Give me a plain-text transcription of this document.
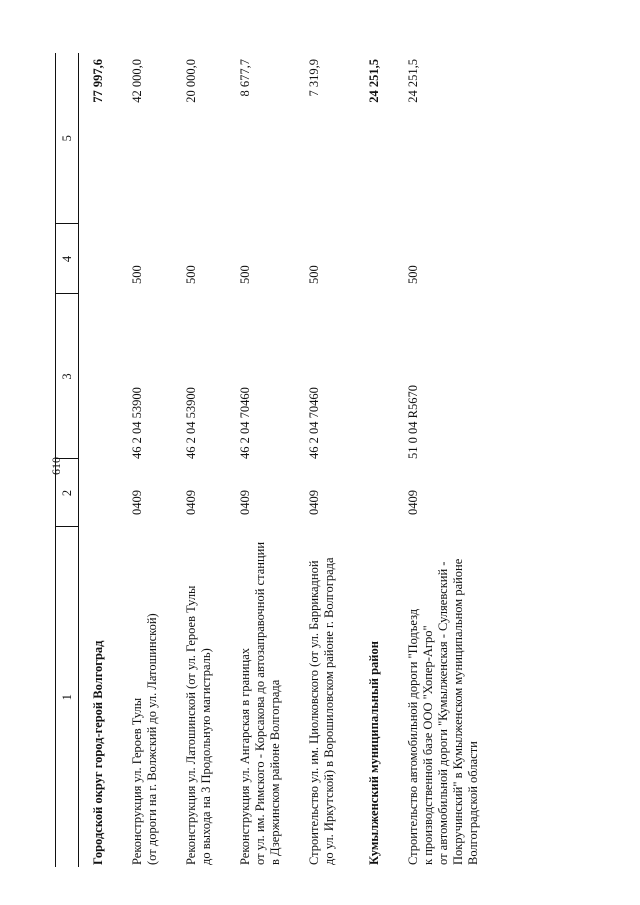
610
1	2	3	4	5

Городской округ город-герой Волгоград				77 997,6

Реконструкция ул. Героев Тулы (от дороги на г. Волжский до ул. Латошинской)	0409	46 2 04 53900	500	42 000,0

Реконструкция ул. Латошинской (от ул. Героев Тулы до выхода на 3 Продольную магистраль)	0409	46 2 04 53900	500	20 000,0

Реконструкция ул. Ангарская в границах от ул. им. Римского - Корсакова до автозаправочной станции в Дзержинском районе Волгограда	0409	46 2 04 70460	500	8 677,7

Строительство ул. им. Циолковского (от ул. Баррикадной до ул. Иркутской) в Ворошиловском районе г. Волгограда	0409	46 2 04 70460	500	7 319,9

Кумылженский муниципальный район				24 251,5

Строительство автомобильной дороги "Подъезд к производственной базе ООО "Хопер-Агро" от автомобильной дороги "Кумылженская - Суляевский - Покручинский" в Кумылженском муниципальном районе Волгоградской области	0409	51 0 04 R5670	500	24 251,5
